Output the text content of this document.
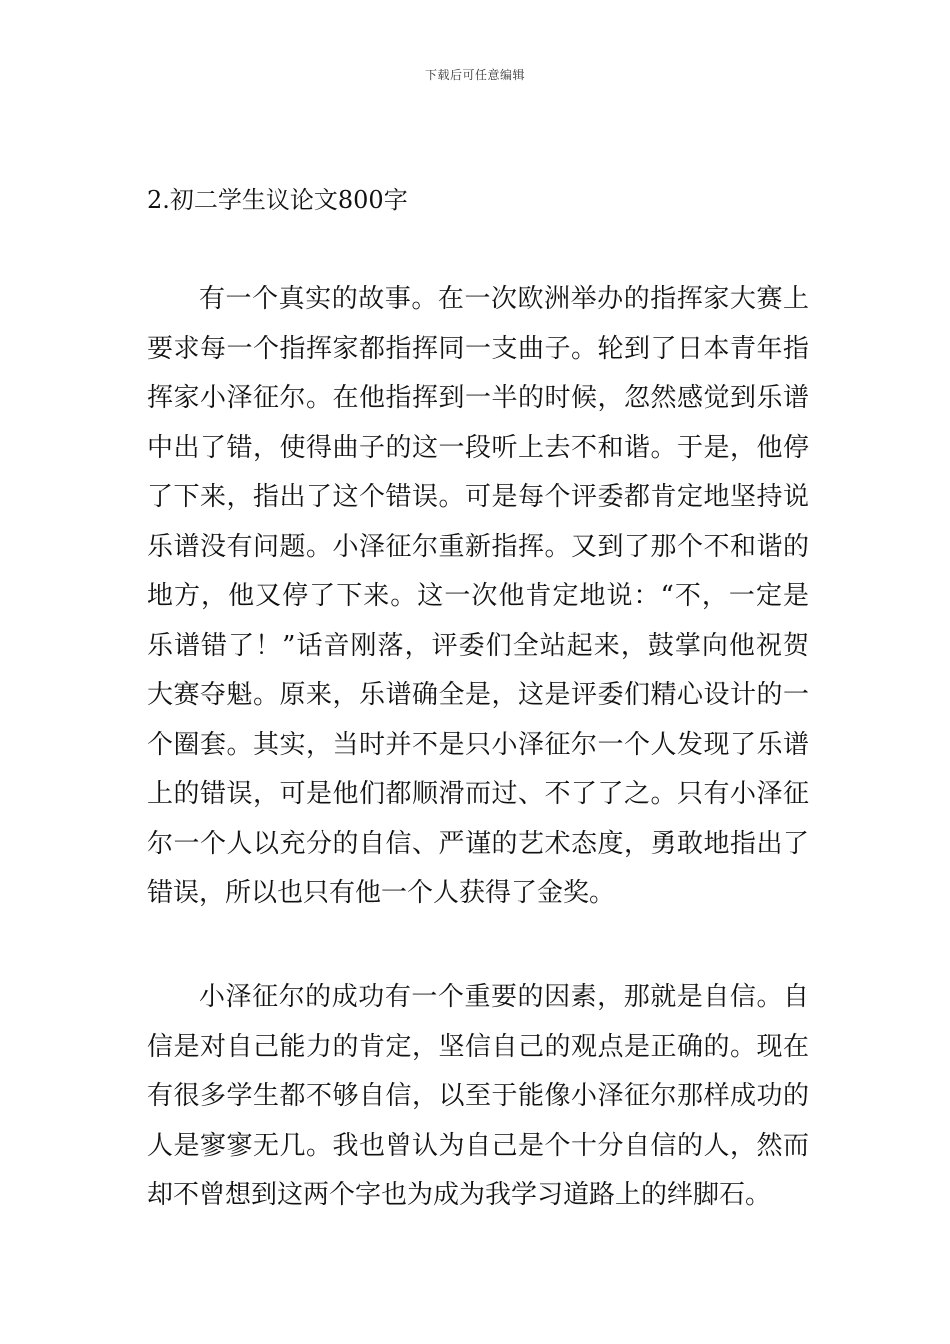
下载后可任意编辑
2.初二学生议论文800字

有一个真实的故事。在一次欧洲举办的指挥家大赛上要求每一个指挥家都指挥同一支曲子。轮到了日本青年指挥家小泽征尔。在他指挥到一半的时候，忽然感觉到乐谱中出了错，使得曲子的这一段听上去不和谐。于是，他停了下来，指出了这个错误。可是每个评委都肯定地坚持说乐谱没有问题。小泽征尔重新指挥。又到了那个不和谐的地方，他又停了下来。这一次他肯定地说：“不，一定是乐谱错了！”话音刚落，评委们全站起来，鼓掌向他祝贺大赛夺魁。原来，乐谱确全是，这是评委们精心设计的一个圈套。其实，当时并不是只小泽征尔一个人发现了乐谱上的错误，可是他们都顺滑而过、不了了之。只有小泽征尔一个人以充分的自信、严谨的艺术态度，勇敢地指出了错误，所以也只有他一个人获得了金奖。

小泽征尔的成功有一个重要的因素，那就是自信。自信是对自己能力的肯定，坚信自己的观点是正确的。现在有很多学生都不够自信，以至于能像小泽征尔那样成功的人是寥寥无几。我也曾认为自己是个十分自信的人，然而却不曾想到这两个字也为成为我学习道路上的绊脚石。
